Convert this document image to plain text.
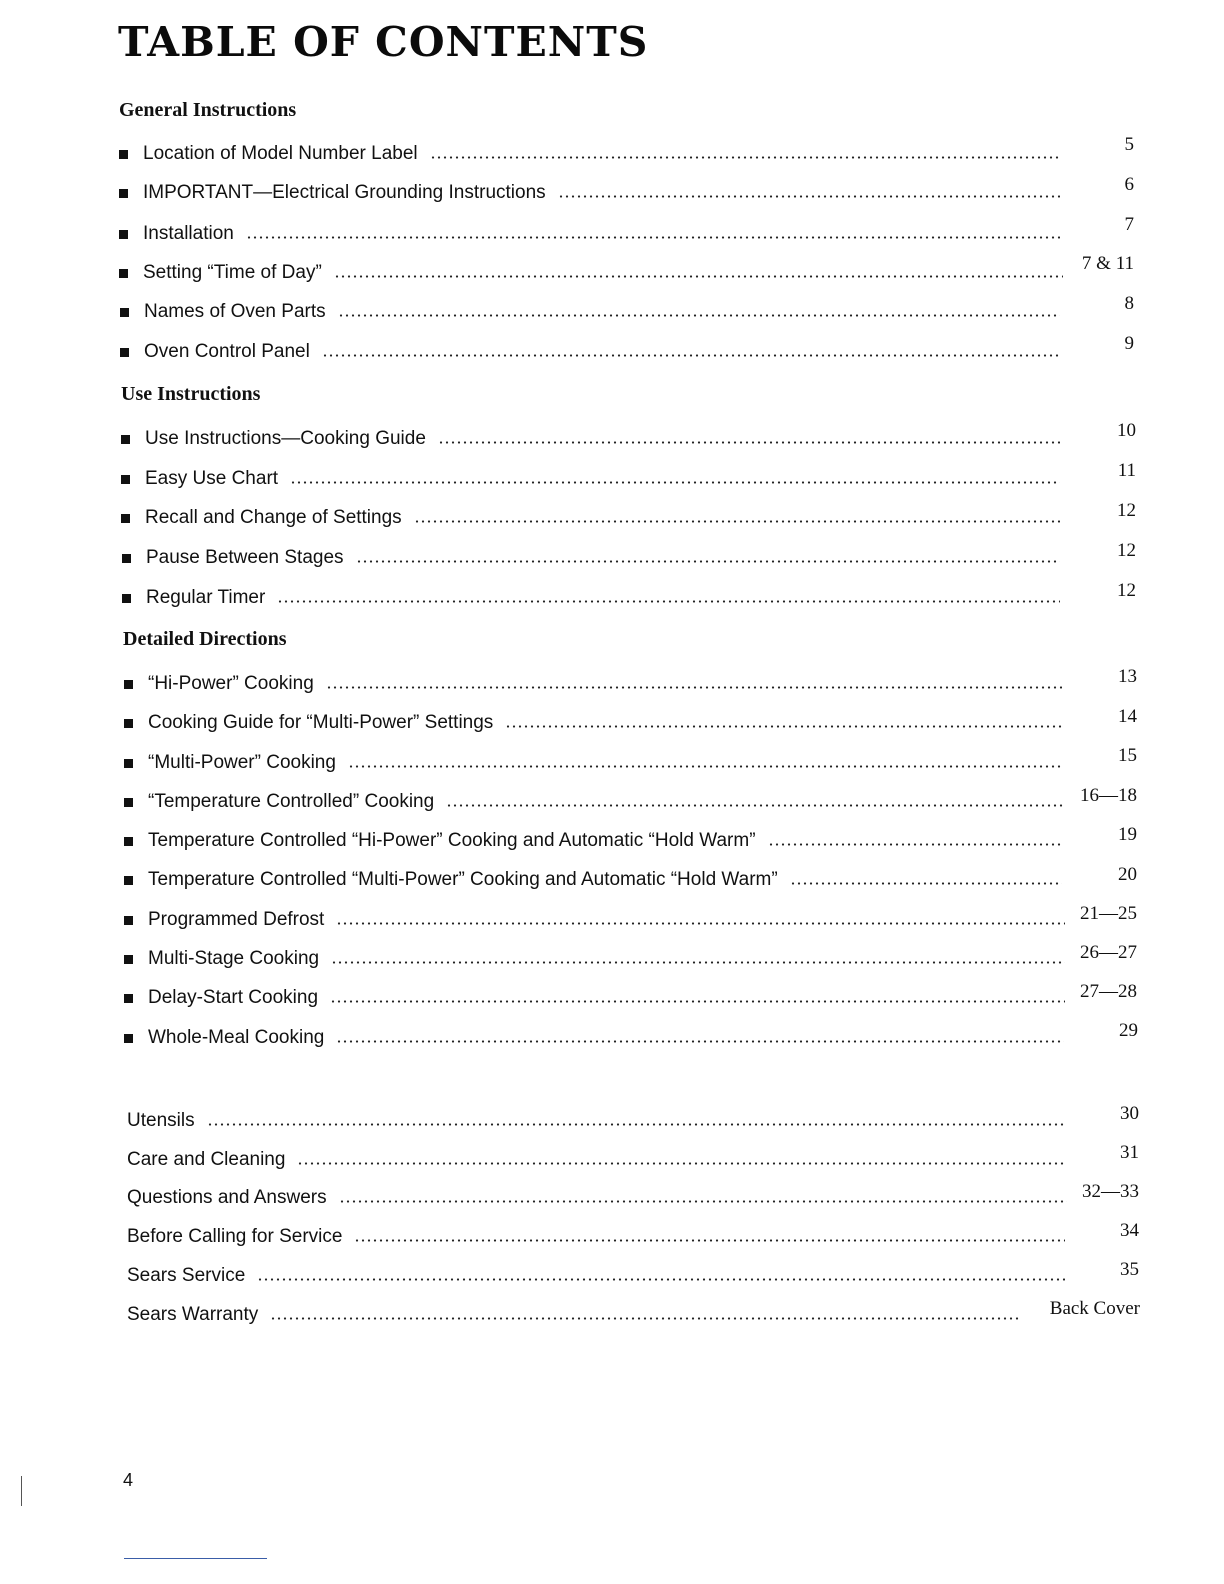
TABLE OF CONTENTS
General Instructions
Location of Model Number Label	5
IMPORTANT—Electrical Grounding Instructions	6
Installation	7
Setting “Time of Day”	7 & 11
Names of Oven Parts	8
Oven Control Panel	9
Use Instructions
Use Instructions—Cooking Guide	10
Easy Use Chart	11
Recall and Change of Settings	12
Pause Between Stages	12
Regular Timer	12
Detailed Directions
“Hi-Power” Cooking	13
Cooking Guide for “Multi-Power” Settings	14
“Multi-Power” Cooking	15
“Temperature Controlled” Cooking	16—18
Temperature Controlled “Hi-Power” Cooking and Automatic “Hold Warm”	19
Temperature Controlled “Multi-Power” Cooking and Automatic “Hold Warm”	20
Programmed Defrost	21—25
Multi-Stage Cooking	26—27
Delay-Start Cooking	27—28
Whole-Meal Cooking	29
Utensils	30
Care and Cleaning	31
Questions and Answers	32—33
Before Calling for Service	34
Sears Service	35
Sears Warranty	Back Cover
4
